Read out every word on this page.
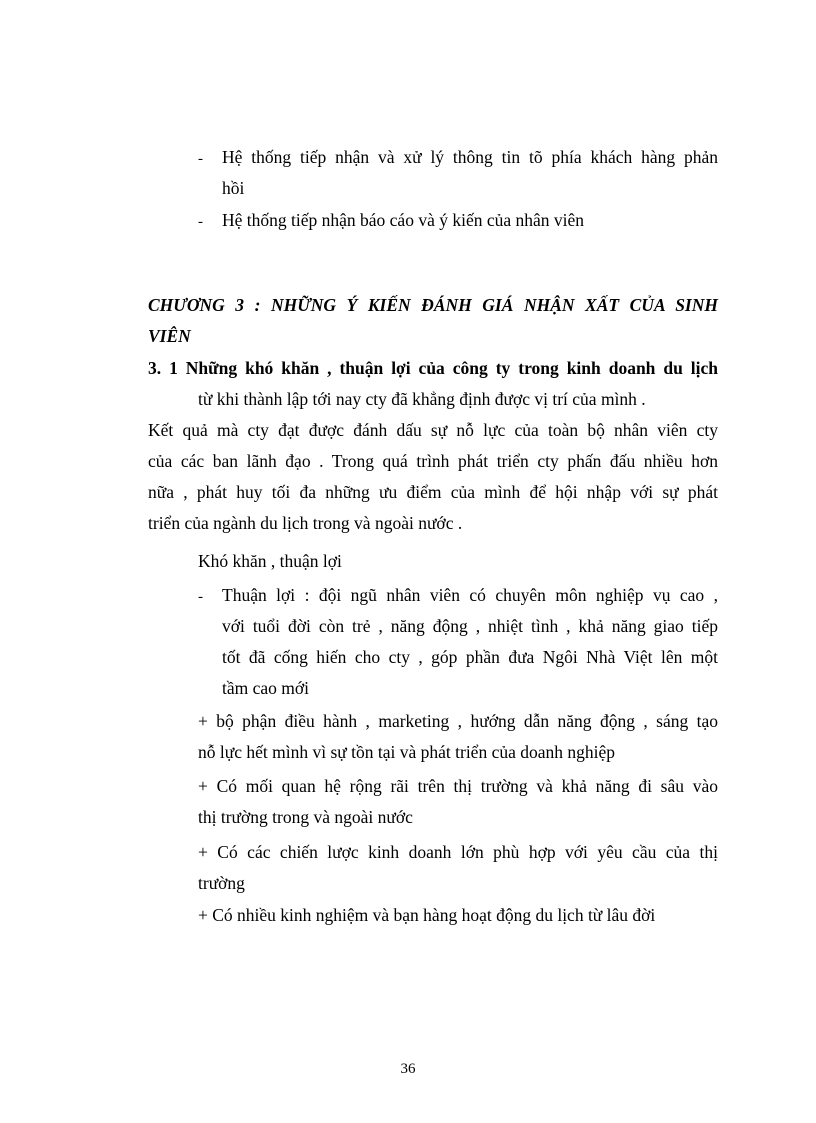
- Hệ thống tiếp nhận và xử lý thông tin tõ phía khách hàng phản
hồi
- Hệ thống tiếp nhận báo cáo và ý kiến của nhân viên
CHƯƠNG 3 : NHỮNG Ý KIẾN ĐÁNH GIÁ NHẬN XẤT CỦA SINH
VIÊN
3. 1 Những khó khăn , thuận lợi của công ty trong kinh doanh du lịch
từ khi thành lập tới nay cty đã khẳng định được vị trí của mình .
Kết quả mà cty đạt được đánh dấu sự nỗ lực của toàn bộ nhân viên cty
của các ban lãnh đạo . Trong quá trình phát triển cty phấn đấu nhiều hơn
nữa , phát huy tối đa những ưu điểm của mình để hội nhập với sự phát
triển của ngành du lịch trong và ngoài nước .
Khó khăn , thuận lợi
- Thuận lợi : đội ngũ nhân viên có chuyên môn nghiệp vụ cao ,
với tuổi đời còn trẻ , năng động , nhiệt tình , khả năng giao tiếp
tốt đã cống hiến cho cty , góp phần đưa Ngôi Nhà Việt lên một
tầm cao mới
+ bộ phận điều hành , marketing , hướng dẫn năng động , sáng tạo
nỗ lực hết mình vì sự tồn tại và phát triển của doanh nghiệp
+ Có mối quan hệ rộng rãi trên thị trường và khả năng đi sâu vào
thị trường trong và ngoài nước
+ Có các chiến lược kinh doanh lớn phù hợp với yêu cầu của thị
trường
+ Có nhiều kinh nghiệm và bạn hàng hoạt động du lịch từ lâu đời
36
